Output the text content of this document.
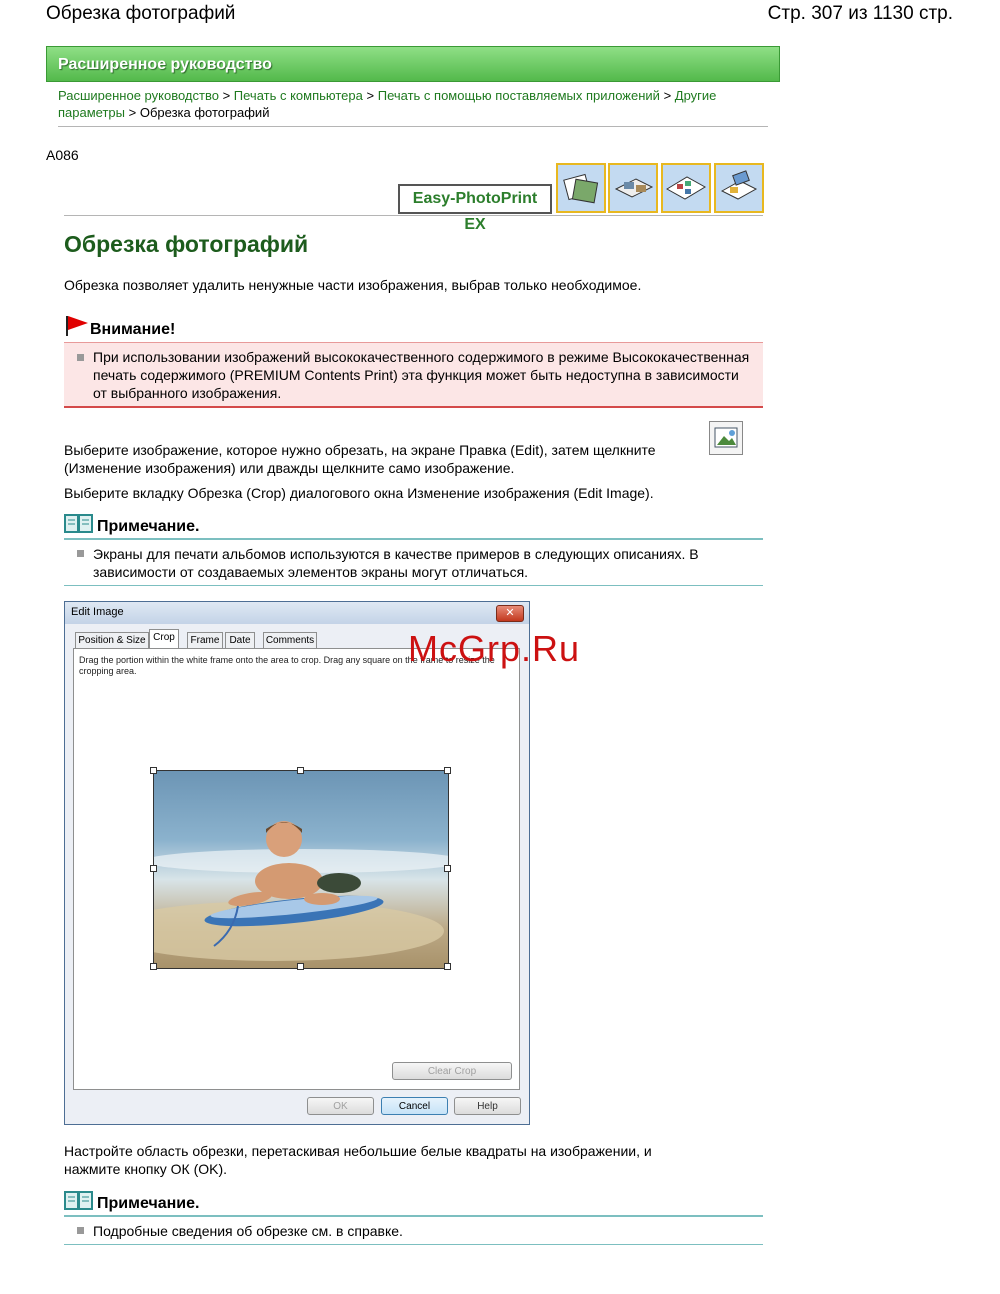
Обрезка фотографий	Стр. 307 из 1130 стр.
Расширенное руководство
Расширенное руководство > Печать с компьютера > Печать с помощью поставляемых приложений > Другие параметры > Обрезка фотографий
A086
Easy-PhotoPrint EX
Обрезка фотографий
Обрезка позволяет удалить ненужные части изображения, выбрав только необходимое.
Внимание!
При использовании изображений высококачественного содержимого в режиме Высококачественная печать содержимого (PREMIUM Contents Print) эта функция может быть недоступна в зависимости от выбранного изображения.
Выберите изображение, которое нужно обрезать, на экране Правка (Edit), затем щелкните (Изменение изображения) или дважды щелкните само изображение.
Выберите вкладку Обрезка (Crop) диалогового окна Изменение изображения (Edit Image).
Примечание.
Экраны для печати альбомов используются в качестве примеров в следующих описаниях. В зависимости от создаваемых элементов экраны могут отличаться.
Edit Image	✕
Position & Size Crop	Frame Date	Comments
Drag the portion within the white frame onto the area to crop. Drag any square on the frame to resize the cropping area.
Clear Crop
OK	Cancel	Help
McGrp.Ru
Настройте область обрезки, перетаскивая небольшие белые квадраты на изображении, и нажмите кнопку ОК (OK).
Примечание.
Подробные сведения об обрезке см. в справке.
